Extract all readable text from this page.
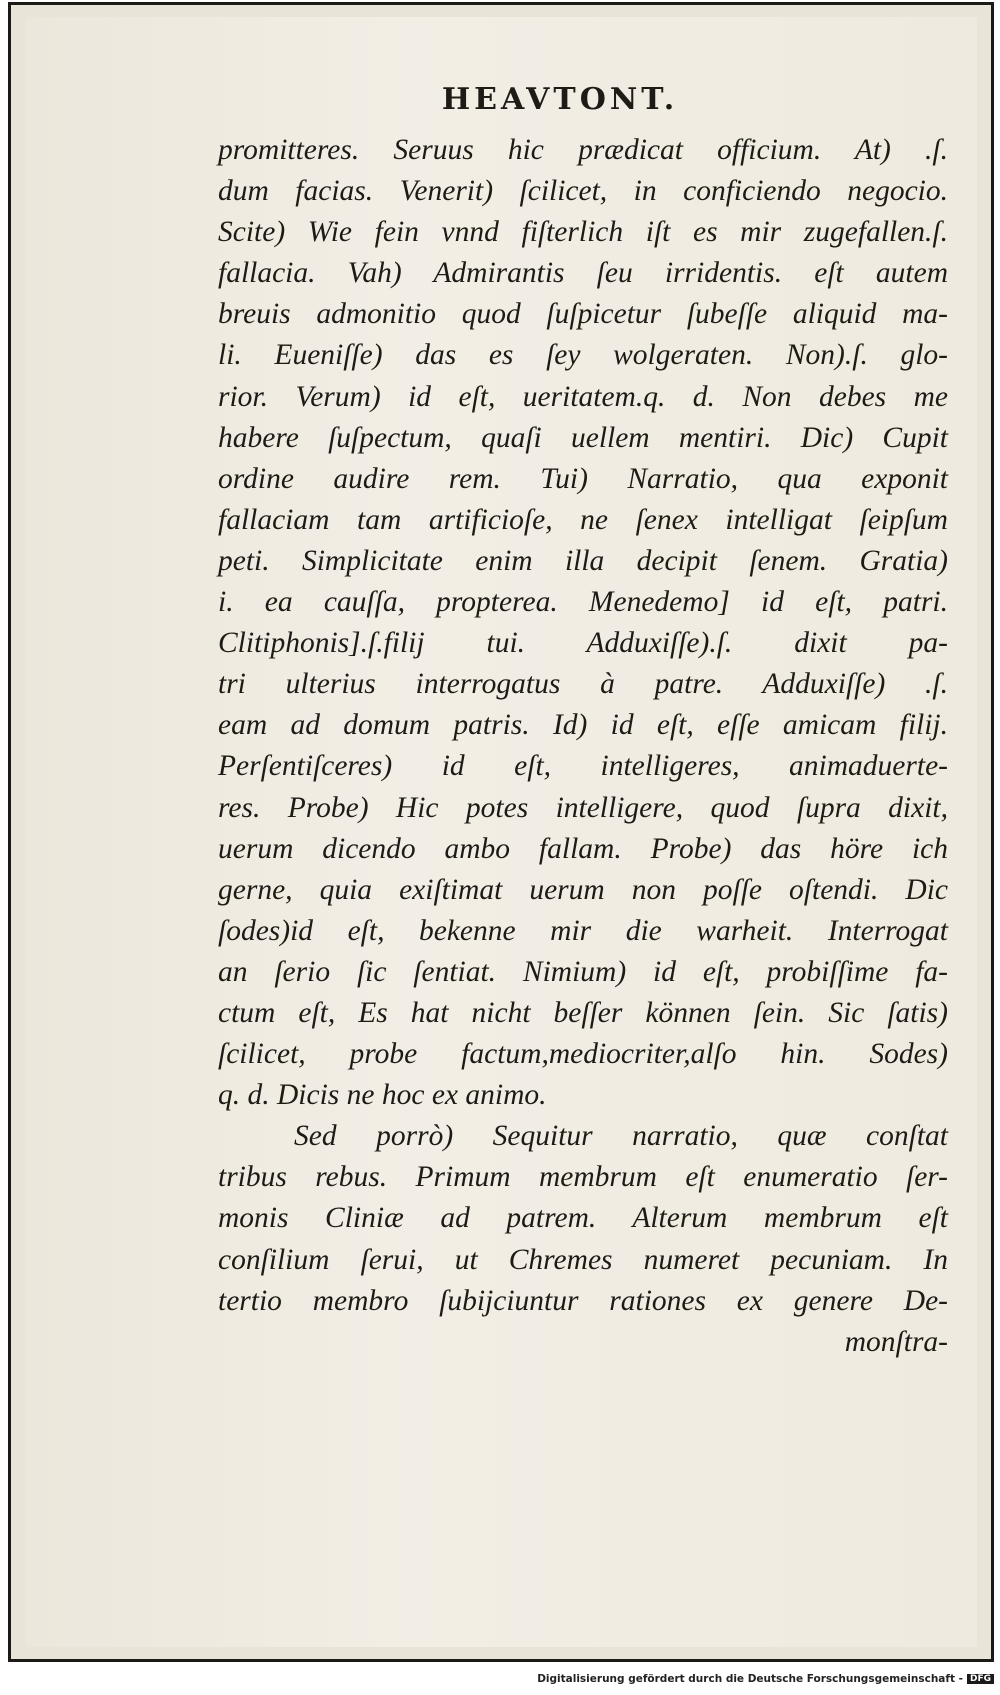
HEAVTONT.
promitteres. Seruus hic prædicat officium. At) .ſ.
dum facias. Venerit) ſcilicet, in conficiendo negocio.
Scite) Wie fein vnnd fiſterlich iſt es mir zugefallen.ſ.
fallacia. Vah) Admirantis ſeu irridentis. eſt autem
breuis admonitio quod ſuſpicetur ſubeſſe aliquid ma-
li. Eueniſſe) das es ſey wolgeraten. Non).ſ. glo-
rior. Verum) id eſt, ueritatem.q. d. Non debes me
habere ſuſpectum, quaſi uellem mentiri. Dic) Cupit
ordine audire rem. Tui) Narratio, qua exponit
fallaciam tam artificioſe, ne ſenex intelligat ſeipſum
peti. Simplicitate enim illa decipit ſenem. Gratia)
i. ea cauſſa, propterea. Menedemo] id eſt, patri.
Clitiphonis].ſ.filij tui. Adduxiſſe).ſ. dixit pa-
tri ulterius interrogatus à patre. Adduxiſſe) .ſ.
eam ad domum patris. Id) id eſt, eſſe amicam filij.
Perſentiſceres) id eſt, intelligeres, animaduerte-
res. Probe) Hic potes intelligere, quod ſupra dixit,
uerum dicendo ambo fallam. Probe) das höre ich
gerne, quia exiſtimat uerum non poſſe oſtendi. Dic
ſodes)id eſt, bekenne mir die warheit. Interrogat
an ſerio ſic ſentiat. Nimium) id eſt, probiſſime fa-
ctum eſt, Es hat nicht beſſer können ſein. Sic ſatis)
ſcilicet, probe factum,mediocriter,alſo hin. Sodes)
q. d. Dicis ne hoc ex animo.
Sed porrò) Sequitur narratio, quæ conſtat
tribus rebus. Primum membrum eſt enumeratio ſer-
monis Cliniæ ad patrem. Alterum membrum eſt
conſilium ſerui, ut Chremes numeret pecuniam. In
tertio membro ſubijciuntur rationes ex genere De-
monſtra-
Digitalisierung gefördert durch die Deutsche Forschungsgemeinschaft - DFG
